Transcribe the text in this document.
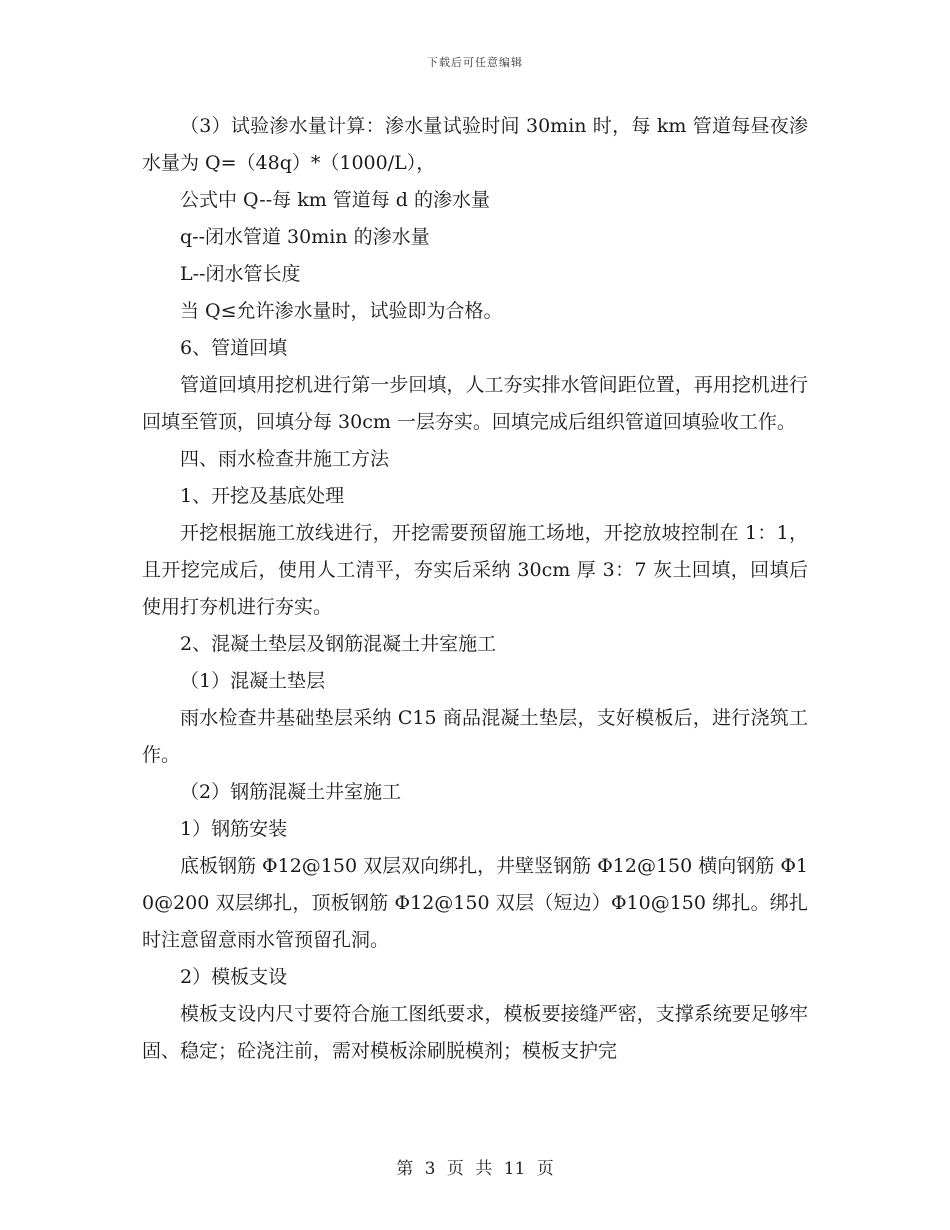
下载后可任意编辑

（3）试验渗水量计算：渗水量试验时间 30min 时，每 km 管道每昼夜渗水量为 Q=（48q）*（1000/L），

公式中 Q--每 km 管道每 d 的渗水量

q--闭水管道 30min 的渗水量

L--闭水管长度

当 Q≤允许渗水量时，试验即为合格。

6、管道回填

管道回填用挖机进行第一步回填，人工夯实排水管间距位置，再用挖机进行回填至管顶，回填分每 30cm 一层夯实。回填完成后组织管道回填验收工作。

四、雨水检查井施工方法

1、开挖及基底处理

开挖根据施工放线进行，开挖需要预留施工场地，开挖放坡控制在 1：1，且开挖完成后，使用人工清平，夯实后采纳 30cm 厚 3：7 灰土回填，回填后使用打夯机进行夯实。

2、混凝土垫层及钢筋混凝土井室施工

（1）混凝土垫层

雨水检查井基础垫层采纳 C15 商品混凝土垫层，支好模板后，进行浇筑工作。

（2）钢筋混凝土井室施工

1）钢筋安装

底板钢筋 Φ12@150 双层双向绑扎，井壁竖钢筋 Φ12@150 横向钢筋 Φ10@200 双层绑扎，顶板钢筋 Φ12@150 双层（短边）Φ10@150 绑扎。绑扎时注意留意雨水管预留孔洞。

2）模板支设

模板支设内尺寸要符合施工图纸要求，模板要接缝严密，支撑系统要足够牢固、稳定；砼浇注前，需对模板涂刷脱模剂；模板支护完

第 3 页 共 11 页
